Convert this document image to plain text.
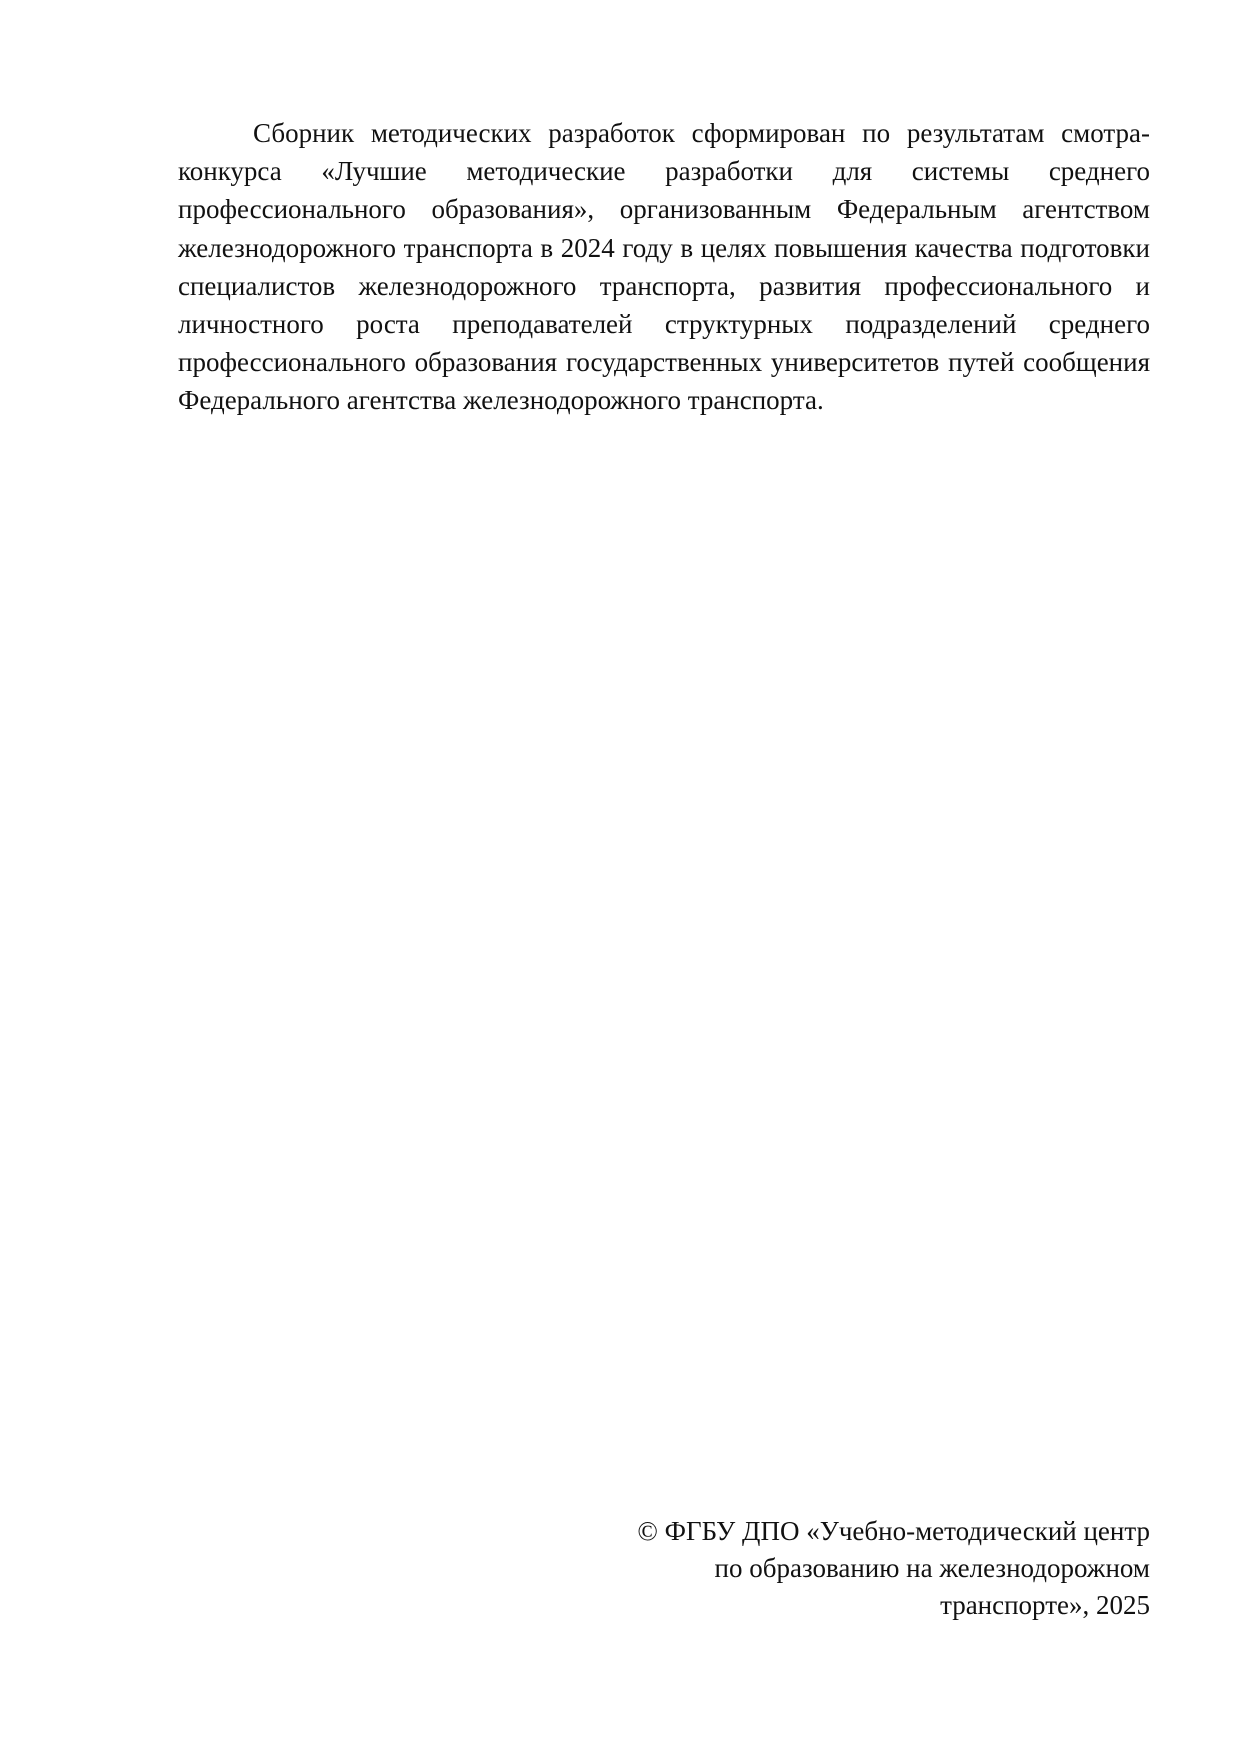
Сборник методических разработок сформирован по результатам смотра-конкурса «Лучшие методические разработки для системы среднего профессионального образования», организованным Федеральным агентством железнодорожного транспорта в 2024 году в целях повышения качества подготовки специалистов железнодорожного транспорта, развития профессионального и личностного роста преподавателей структурных подразделений среднего профессионального образования государственных университетов путей сообщения Федерального агентства железнодорожного транспорта.

© ФГБУ ДПО «Учебно-методический центр
по образованию на железнодорожном
транспорте», 2025
